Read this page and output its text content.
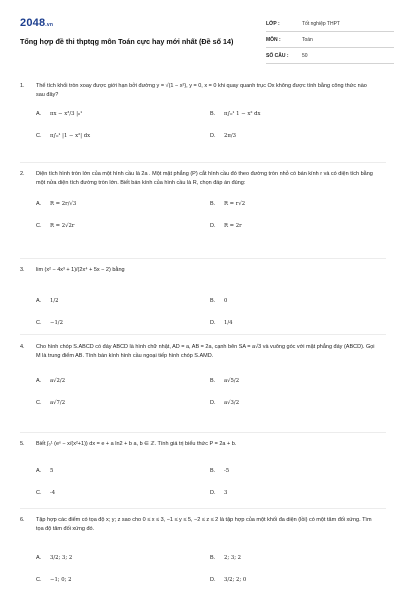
2048.vn
Tổng hợp đề thi thptqg môn Toán cực hay mới nhất (Đề số 14)
LỚP :	Tốt nghiệp THPT
MÔN :	Toán
SỐ CÂU :	50
1. Thể tích khối tròn xoay được giới hạn bởi đường y = √(1 − x²), y = 0, x = 0 khi quay quanh trục Ox không được tính bằng công thức nào sau đây?
A. πx − x³/3 |₀¹	B. π∫₀¹ 1 − x² dx
C. π∫₀¹ |1 − x²| dx	D. 2π/3
2. Diện tích hình tròn lớn của một hình cầu là 2a . Một mặt phẳng (P) cắt hình cầu đó theo đường tròn nhỏ có bán kính r và có diện tích bằng một nửa diện tích đường tròn lớn. Biết bán kính của hình cầu là R, chọn đáp án đúng:
A. R = 2r/√3	B. R = r√2
C. R = 2√2r	D. R = 2r
3. lim (x² − 4x³ + 1)/(2x⁴ + 5x − 2) bằng
A. 1/2	B. 0
C. −1/2	D. 1/4
4. Cho hình chóp S.ABCD có đáy ABCD là hình chữ nhật, AD = a, AB = 2a, cạnh bên SA = a√3 và vuông góc với mặt phẳng đáy (ABCD). Gọi M là trung điểm AB. Tính bán kính hình cầu ngoại tiếp hình chóp S.AMD.
A. a√2/2	B. a√5/2
C. a√7/2	D. a√3/2
5. Biết ∫₀¹ (eˣ − x/(x²+1)) dx = e + a ln2 + b a, b ∈ ℤ. Tính giá trị biểu thức P = 2a + b.
A. 5	B. -5
C. -4	D. 3
6. Tập hợp các điểm có tọa độ x; y; z sao cho 0 ≤ x ≤ 3, −1 ≤ y ≤ 5, −2 ≤ z ≤ 2 là tập hợp của một khối đa diện (lồi) có một tâm đối xứng. Tìm tọa độ tâm đối xứng đó.
A. 3/2; 3; 2	B. 2; 3; 2
C. −1; 0; 2	D. 3/2; 2; 0
